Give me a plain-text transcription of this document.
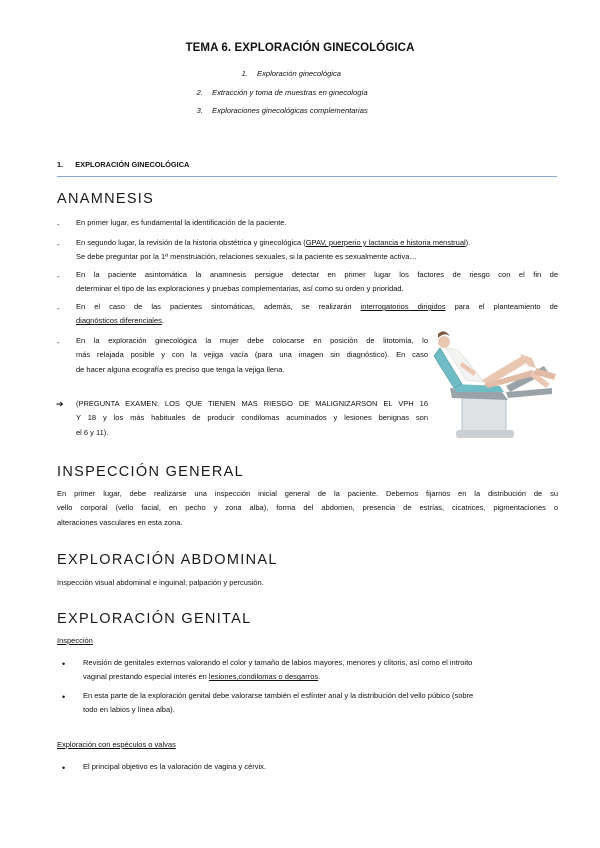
TEMA 6. EXPLORACIÓN GINECOLÓGICA
1. Exploración ginecológica
2. Extracción y toma de muestras en ginecología
3. Exploraciones ginecológicas complementarias
1. EXPLORACIÓN GINECOLÓGICA
ANAMNESIS
- En primer lugar, es fundamental la identificación de la paciente.
- En segundo lugar, la revisión de la historia obstétrica y ginecológica (GPAV, puerperio y lactancia e historia menstrual).
Se debe preguntar por la 1ª menstruación, relaciones sexuales, si la paciente es sexualmente activa…
- En la paciente asintomática la anamnesis persigue detectar en primer lugar los factores de riesgo con el fin de
determinar el tipo de las exploraciones y pruebas complementarias, así como su orden y prioridad.
- En el caso de las pacientes sintomáticas, además, se realizarán interrogatorios dirigidos para el planteamiento de
diagnósticos diferenciales.
- En la exploración ginecológica la mujer debe colocarse en posición de litotomía, lo
más relajada posible y con la vejiga vacía (para una imagen sin diagnóstico). En caso
de hacer alguna ecografía es preciso que tenga la vejiga llena.
➔ (PREGUNTA EXAMEN: LOS QUE TIENEN MAS RIESGO DE MALIGNIZARSON EL VPH 16
Y 18 y los más habituales de producir condilomas acuminados y lesiones benignas son
el 6 y 11).
INSPECCIÓN GENERAL
En primer lugar, debe realizarse una inspección inicial general de la paciente. Debemos fijarnos en la distribución de su
vello corporal (vello facial, en pecho y zona alba), forma del abdomen, presencia de estrías, cicatrices, pigmentaciones o
alteraciones vasculares en esta zona.
EXPLORACIÓN ABDOMINAL
Inspección visual abdominal e inguinal; palpación y percusión.
EXPLORACIÓN GENITAL
Inspección
• Revisión de genitales externos valorando el color y tamaño de labios mayores, menores y clítoris, así como el introito
vaginal prestando especial interés en lesiones,condilomas o desgarros.
• En esta parte de la exploración genital debe valorarse también el esfínter anal y la distribución del vello púbico (sobre
todo en labios y línea alba).
Exploración con espéculos o valvas
• El principal objetivo es la valoración de vagina y cérvix.
